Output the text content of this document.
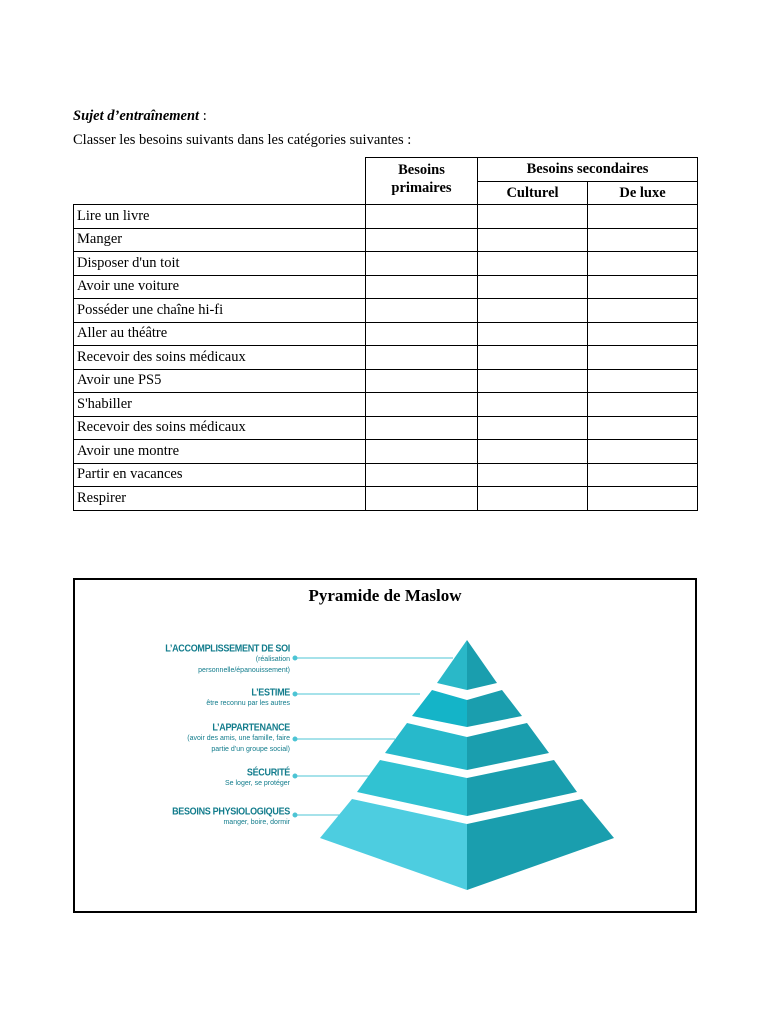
Sujet d’entraînement :
Classer les besoins suivants dans les catégories suivantes :
	Besoins primaires	Besoins secondaires	
		Culturel	De luxe
Lire un livre			
Manger			
Disposer d'un toit			
Avoir une voiture			
Posséder une chaîne hi-fi			
Aller au théâtre			
Recevoir des soins médicaux			
Avoir une PS5			
S'habiller			
Recevoir des soins médicaux			
Avoir une montre			
Partir en vacances			
Respirer			
Pyramide de Maslow
L’ACCOMPLISSEMENT DE SOI
(réalisation
personnelle/épanouissement)
L’ESTIME
être reconnu par les autres
L’APPARTENANCE
(avoir des amis, une famille, faire
partie d’un groupe social)
SÉCURITÉ
Se loger, se protéger
BESOINS PHYSIOLOGIQUES
manger, boire, dormir
